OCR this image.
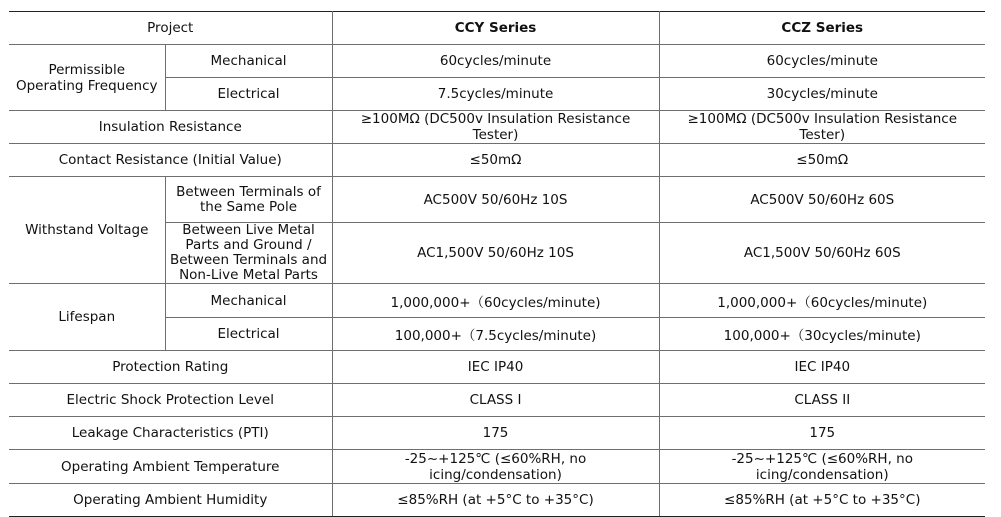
Project		CCY Series	CCZ Series
Permissible Operating Frequency	Mechanical	60cycles/minute	60cycles/minute
	Electrical	7.5cycles/minute	30cycles/minute
Insulation Resistance		≥100MΩ (DC500v Insulation Resistance Tester)	≥100MΩ (DC500v Insulation Resistance Tester)
Contact Resistance (Initial Value)		≤50mΩ	≤50mΩ
Withstand Voltage	Between Terminals of the Same Pole	AC500V 50/60Hz 10S	AC500V 50/60Hz 60S
	Between Live Metal Parts and Ground / Between Terminals and Non-Live Metal Parts	AC1,500V 50/60Hz 10S	AC1,500V 50/60Hz 60S
Lifespan	Mechanical	1,000,000+（60cycles/minute)	1,000,000+（60cycles/minute)
	Electrical	100,000+（7.5cycles/minute)	100,000+（30cycles/minute)
Protection Rating		IEC IP40	IEC IP40
Electric Shock Protection Level		CLASS I	CLASS II
Leakage Characteristics (PTI)		175	175
Operating Ambient Temperature		-25~+125℃ (≤60%RH, no icing/condensation)	-25~+125℃ (≤60%RH, no icing/condensation)
Operating Ambient Humidity		≤85%RH (at +5°C to +35°C)	≤85%RH (at +5°C to +35°C)
